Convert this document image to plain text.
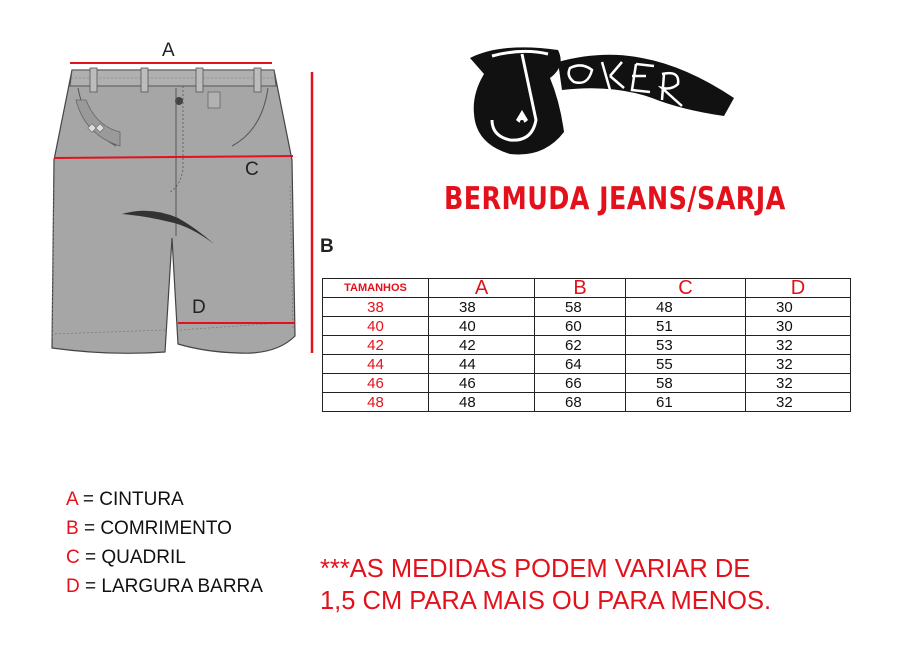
A
C
D
B
BERMUDA JEANS/SARJA
TAMANHOS	A	B	C	D
38	38	58	48	30
40	40	60	51	30
42	42	62	53	32
44	44	64	55	32
46	46	66	58	32
48	48	68	61	32
A = CINTURA
B = COMRIMENTO
C = QUADRIL
D = LARGURA BARRA
***AS MEDIDAS PODEM VARIAR DE
1,5 CM PARA MAIS OU PARA MENOS.
